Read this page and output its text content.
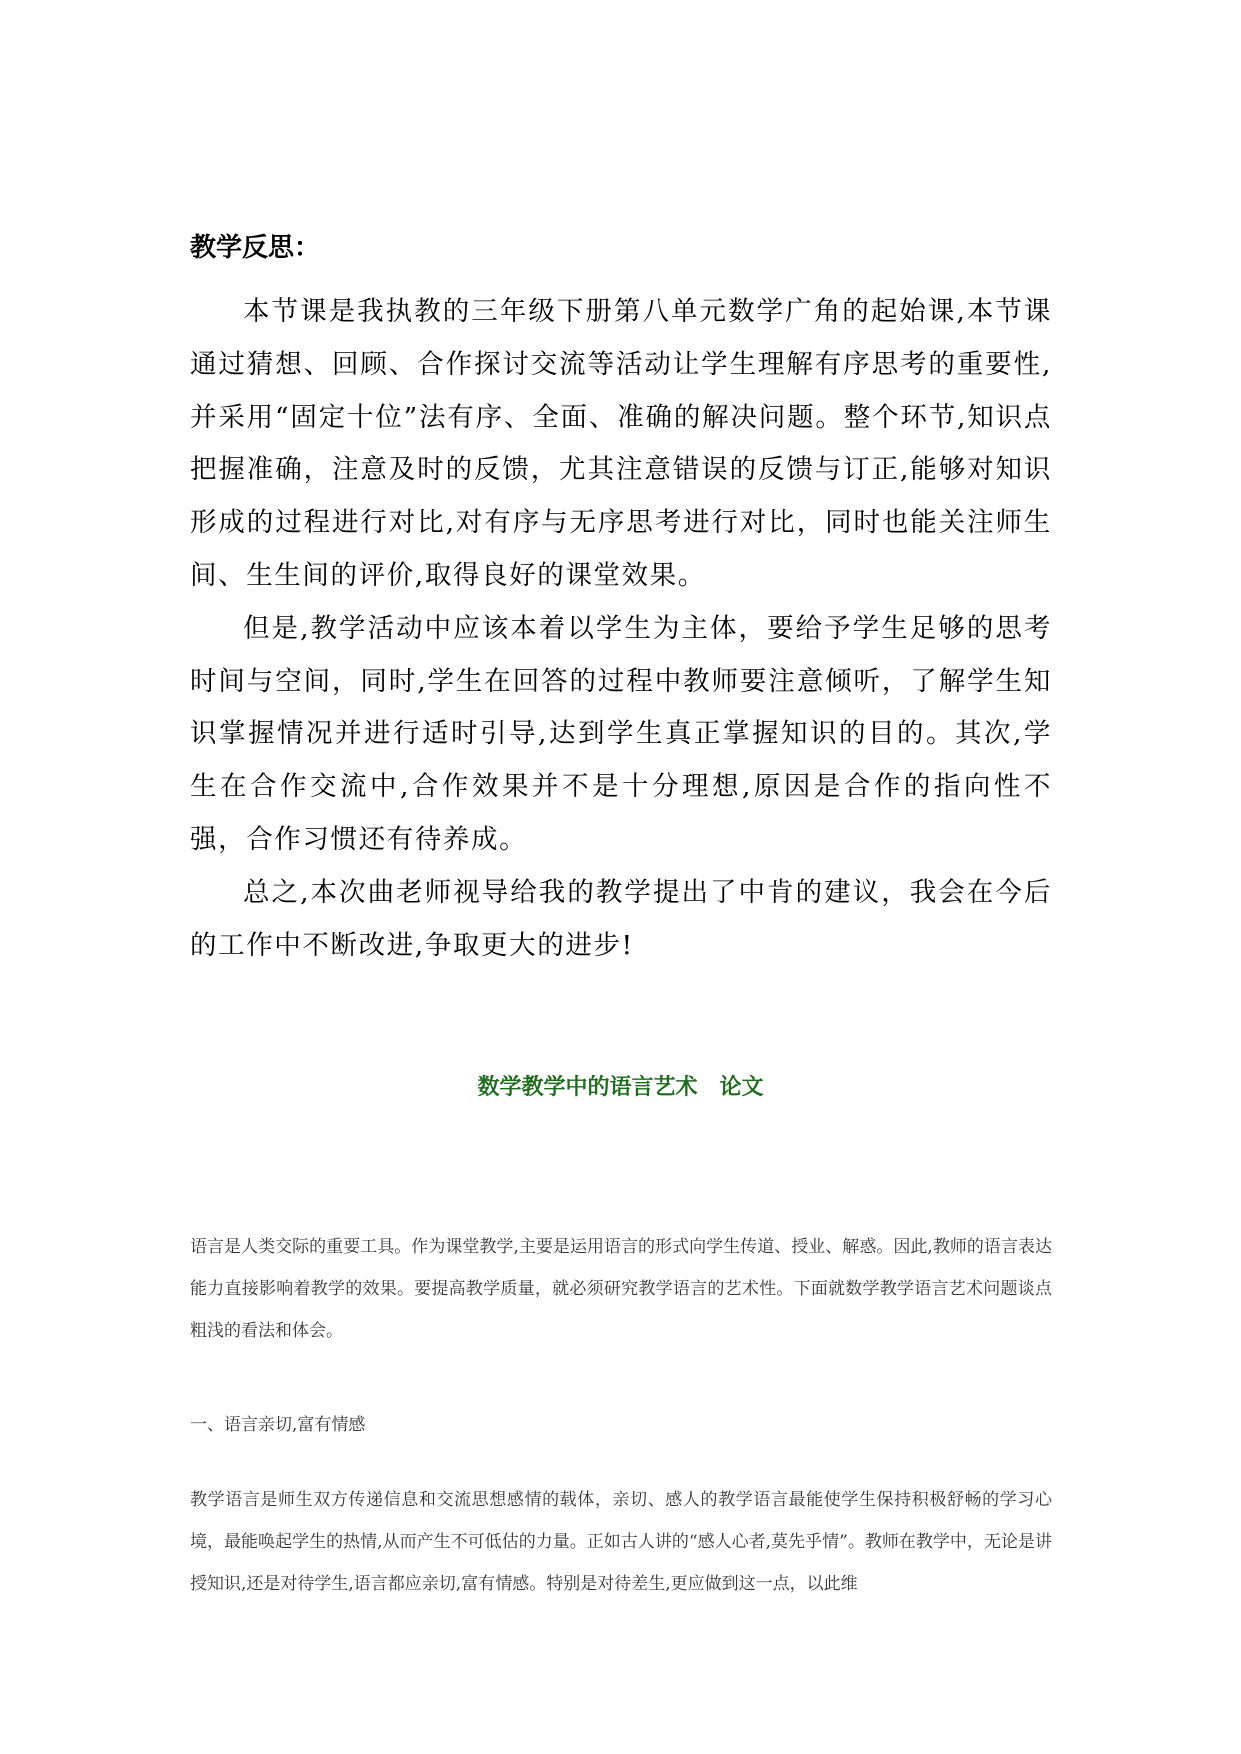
教学反思：

本节课是我执教的三年级下册第八单元数学广角的起始课,本节课通过猜想、回顾、合作探讨交流等活动让学生理解有序思考的重要性,并采用“固定十位”法有序、全面、准确的解决问题。整个环节,知识点把握准确，注意及时的反馈，尤其注意错误的反馈与订正,能够对知识形成的过程进行对比,对有序与无序思考进行对比，同时也能关注师生间、生生间的评价,取得良好的课堂效果。

但是,教学活动中应该本着以学生为主体，要给予学生足够的思考时间与空间，同时,学生在回答的过程中教师要注意倾听，了解学生知识掌握情况并进行适时引导,达到学生真正掌握知识的目的。其次,学生在合作交流中,合作效果并不是十分理想,原因是合作的指向性不强，合作习惯还有待养成。

总之,本次曲老师视导给我的教学提出了中肯的建议，我会在今后的工作中不断改进,争取更大的进步!

数学教学中的语言艺术　论文

语言是人类交际的重要工具。作为课堂教学,主要是运用语言的形式向学生传道、授业、解惑。因此,教师的语言表达能力直接影响着教学的效果。要提高教学质量，就必须研究教学语言的艺术性。下面就数学教学语言艺术问题谈点粗浅的看法和体会。

一、语言亲切,富有情感

教学语言是师生双方传递信息和交流思想感情的载体，亲切、感人的教学语言最能使学生保持积极舒畅的学习心境，最能唤起学生的热情,从而产生不可低估的力量。正如古人讲的“感人心者,莫先乎情”。教师在教学中，无论是讲授知识,还是对待学生,语言都应亲切,富有情感。特别是对待差生,更应做到这一点，以此维
